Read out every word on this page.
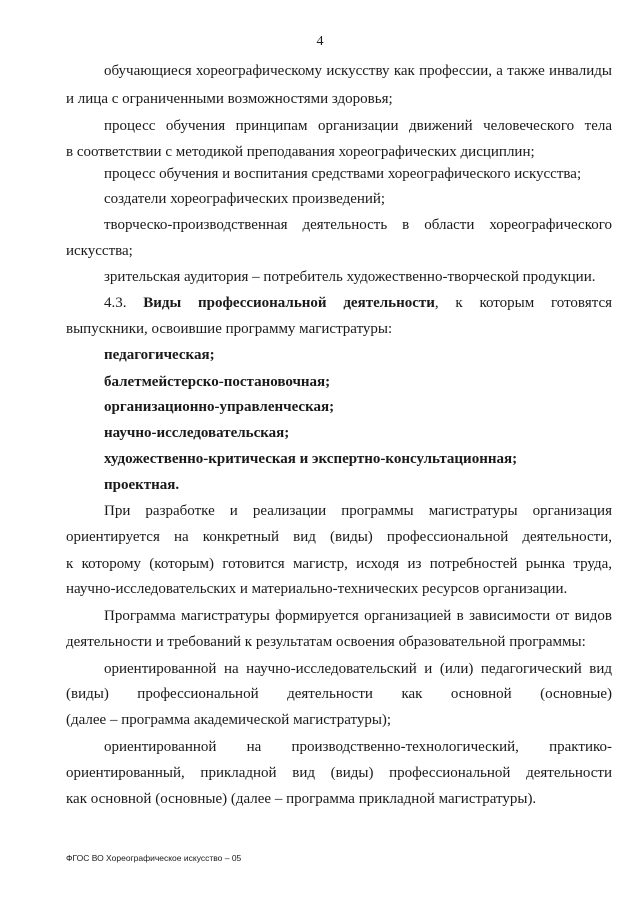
4
обучающиеся хореографическому искусству как профессии, а также инвалиды
и лица с ограниченными возможностями здоровья;
процесс обучения принципам организации движений человеческого тела
в соответствии с методикой преподавания хореографических дисциплин;
процесс обучения и воспитания средствами хореографического искусства;
создатели хореографических произведений;
творческо-производственная деятельность в области хореографического
искусства;
зрительская аудитория – потребитель художественно-творческой продукции.
4.3. Виды профессиональной деятельности, к которым готовятся
выпускники, освоившие программу магистратуры:
педагогическая;
балетмейстерско-постановочная;
организационно-управленческая;
научно-исследовательская;
художественно-критическая и экспертно-консультационная;
проектная.
При разработке и реализации программы магистратуры организация
ориентируется на конкретный вид (виды) профессиональной деятельности,
к которому (которым) готовится магистр, исходя из потребностей рынка труда,
научно-исследовательских и материально-технических ресурсов организации.
Программа магистратуры формируется организацией в зависимости от видов
деятельности и требований к результатам освоения образовательной программы:
ориентированной на научно-исследовательский и (или) педагогический вид
(виды) профессиональной деятельности как основной (основные)
(далее – программа академической магистратуры);
ориентированной на производственно-технологический, практико-
ориентированный, прикладной вид (виды) профессиональной деятельности
как основной (основные) (далее – программа прикладной магистратуры).
ФГОС ВО Хореографическое искусство – 05
